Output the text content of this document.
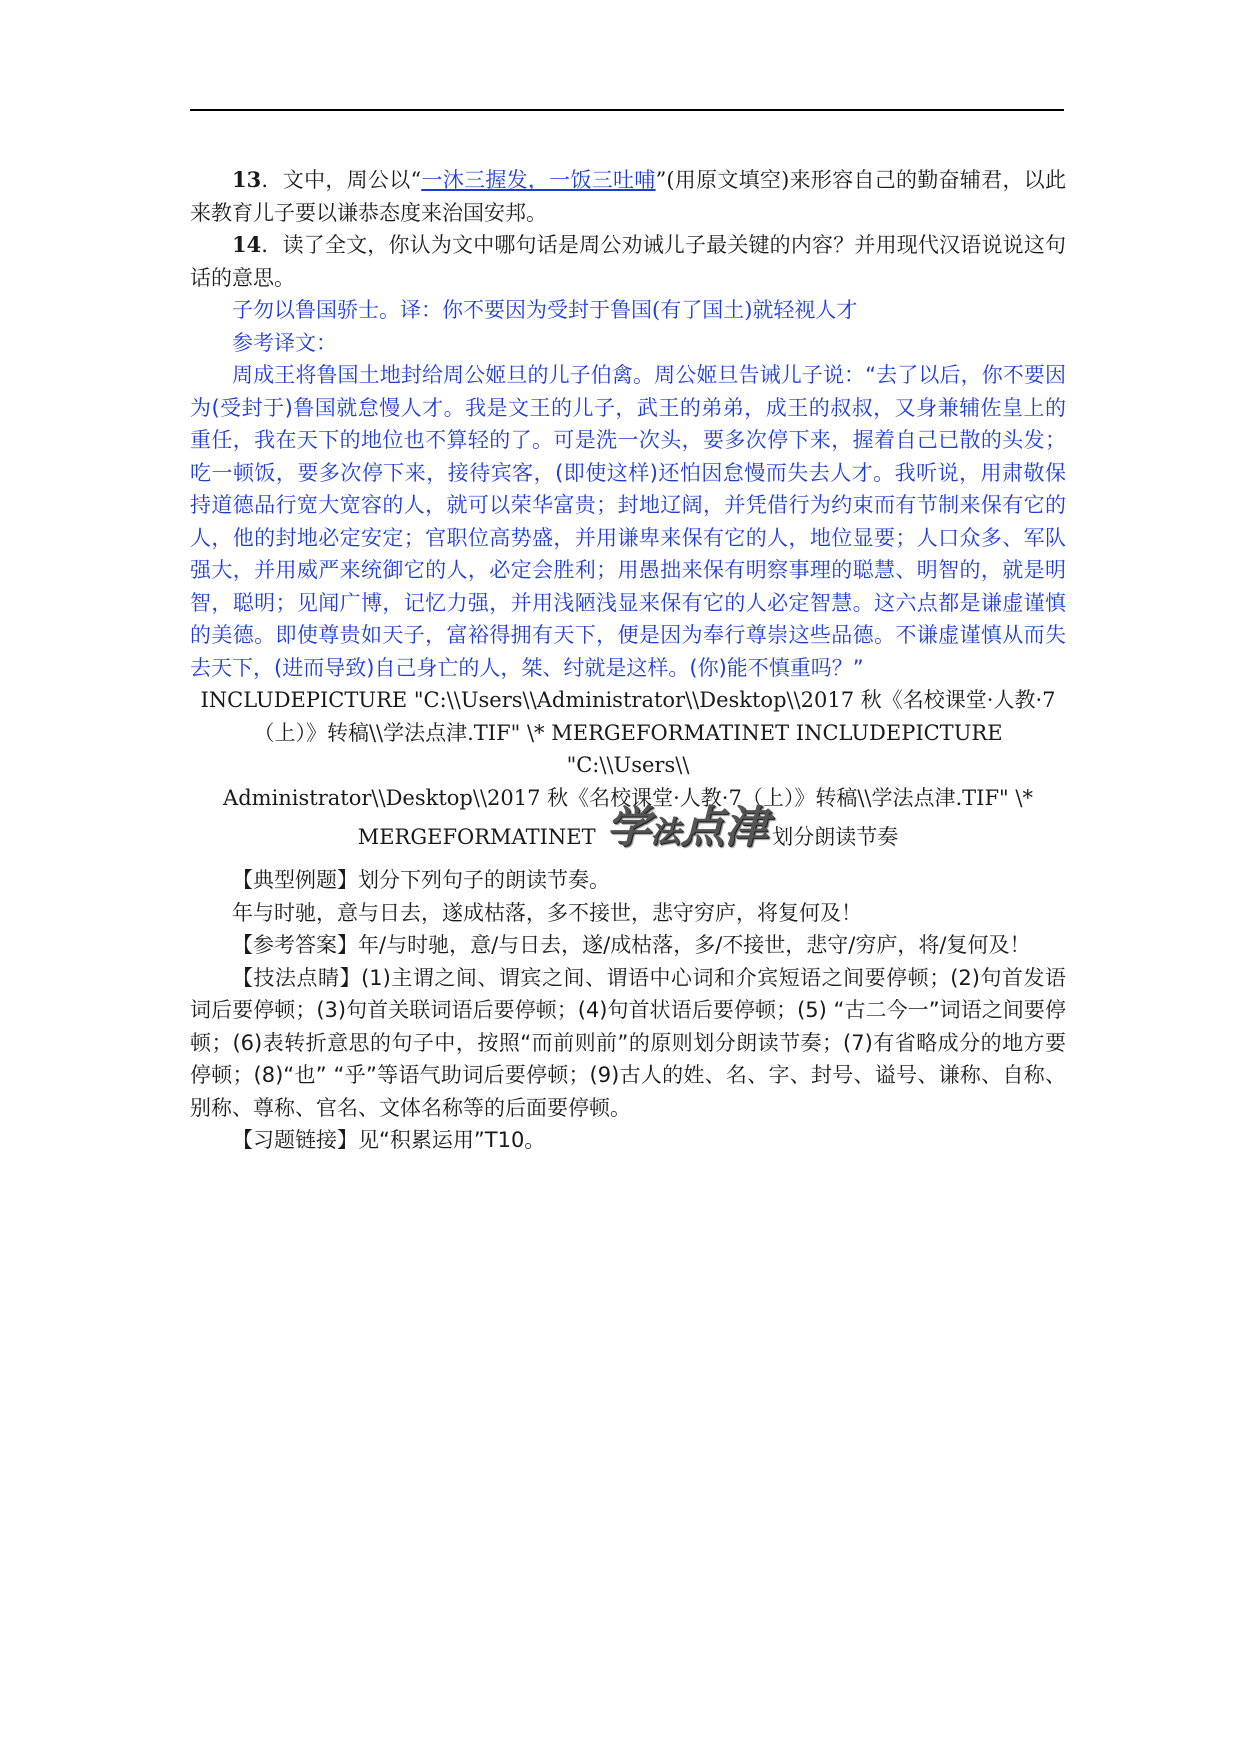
13．文中，周公以“一沐三握发，一饭三吐哺”(用原文填空)来形容自己的勤奋辅君，以此来教育儿子要以谦恭态度来治国安邦。

14．读了全文，你认为文中哪句话是周公劝诫儿子最关键的内容？并用现代汉语说说这句话的意思。

子勿以鲁国骄士。译：你不要因为受封于鲁国(有了国土)就轻视人才

参考译文：

周成王将鲁国土地封给周公姬旦的儿子伯禽。周公姬旦告诫儿子说：“去了以后，你不要因为(受封于)鲁国就怠慢人才。我是文王的儿子，武王的弟弟，成王的叔叔，又身兼辅佐皇上的重任，我在天下的地位也不算轻的了。可是洗一次头，要多次停下来，握着自己已散的头发；吃一顿饭，要多次停下来，接待宾客，(即使这样)还怕因怠慢而失去人才。我听说，用肃敬保持道德品行宽大宽容的人，就可以荣华富贵；封地辽阔，并凭借行为约束而有节制来保有它的人，他的封地必定安定；官职位高势盛，并用谦卑来保有它的人，地位显要；人口众多、军队强大，并用威严来统御它的人，必定会胜利；用愚拙来保有明察事理的聪慧、明智的，就是明智，聪明；见闻广博，记忆力强，并用浅陋浅显来保有它的人必定智慧。这六点都是谦虚谨慎的美德。即使尊贵如天子，富裕得拥有天下，便是因为奉行尊崇这些品德。不谦虚谨慎从而失去天下，(进而导致)自己身亡的人，桀、纣就是这样。(你)能不慎重吗？”

INCLUDEPICTURE "C:\\Users\\Administrator\\Desktop\\2017 秋《名校课堂·人教·7

（上）》转稿\\学法点津.TIF" \* MERGEFORMATINET INCLUDEPICTURE "C:\\Users\\

Administrator\\Desktop\\2017 秋《名校课堂·人教·7（上）》转稿\\学法点津.TIF" \*

MERGEFORMATINET 学法点津 划分朗读节奏

【典型例题】划分下列句子的朗读节奏。

年与时驰，意与日去，遂成枯落，多不接世，悲守穷庐，将复何及！

【参考答案】年/与时驰，意/与日去，遂/成枯落，多/不接世，悲守/穷庐，将/复何及！

【技法点睛】(1)主谓之间、谓宾之间、谓语中心词和介宾短语之间要停顿；(2)句首发语词后要停顿；(3)句首关联词语后要停顿；(4)句首状语后要停顿；(5) “古二今一”词语之间要停顿；(6)表转折意思的句子中，按照“而前则前”的原则划分朗读节奏；(7)有省略成分的地方要停顿；(8)“也” “乎”等语气助词后要停顿；(9)古人的姓、名、字、封号、谥号、谦称、自称、别称、尊称、官名、文体名称等的后面要停顿。

【习题链接】见“积累运用”T10。
